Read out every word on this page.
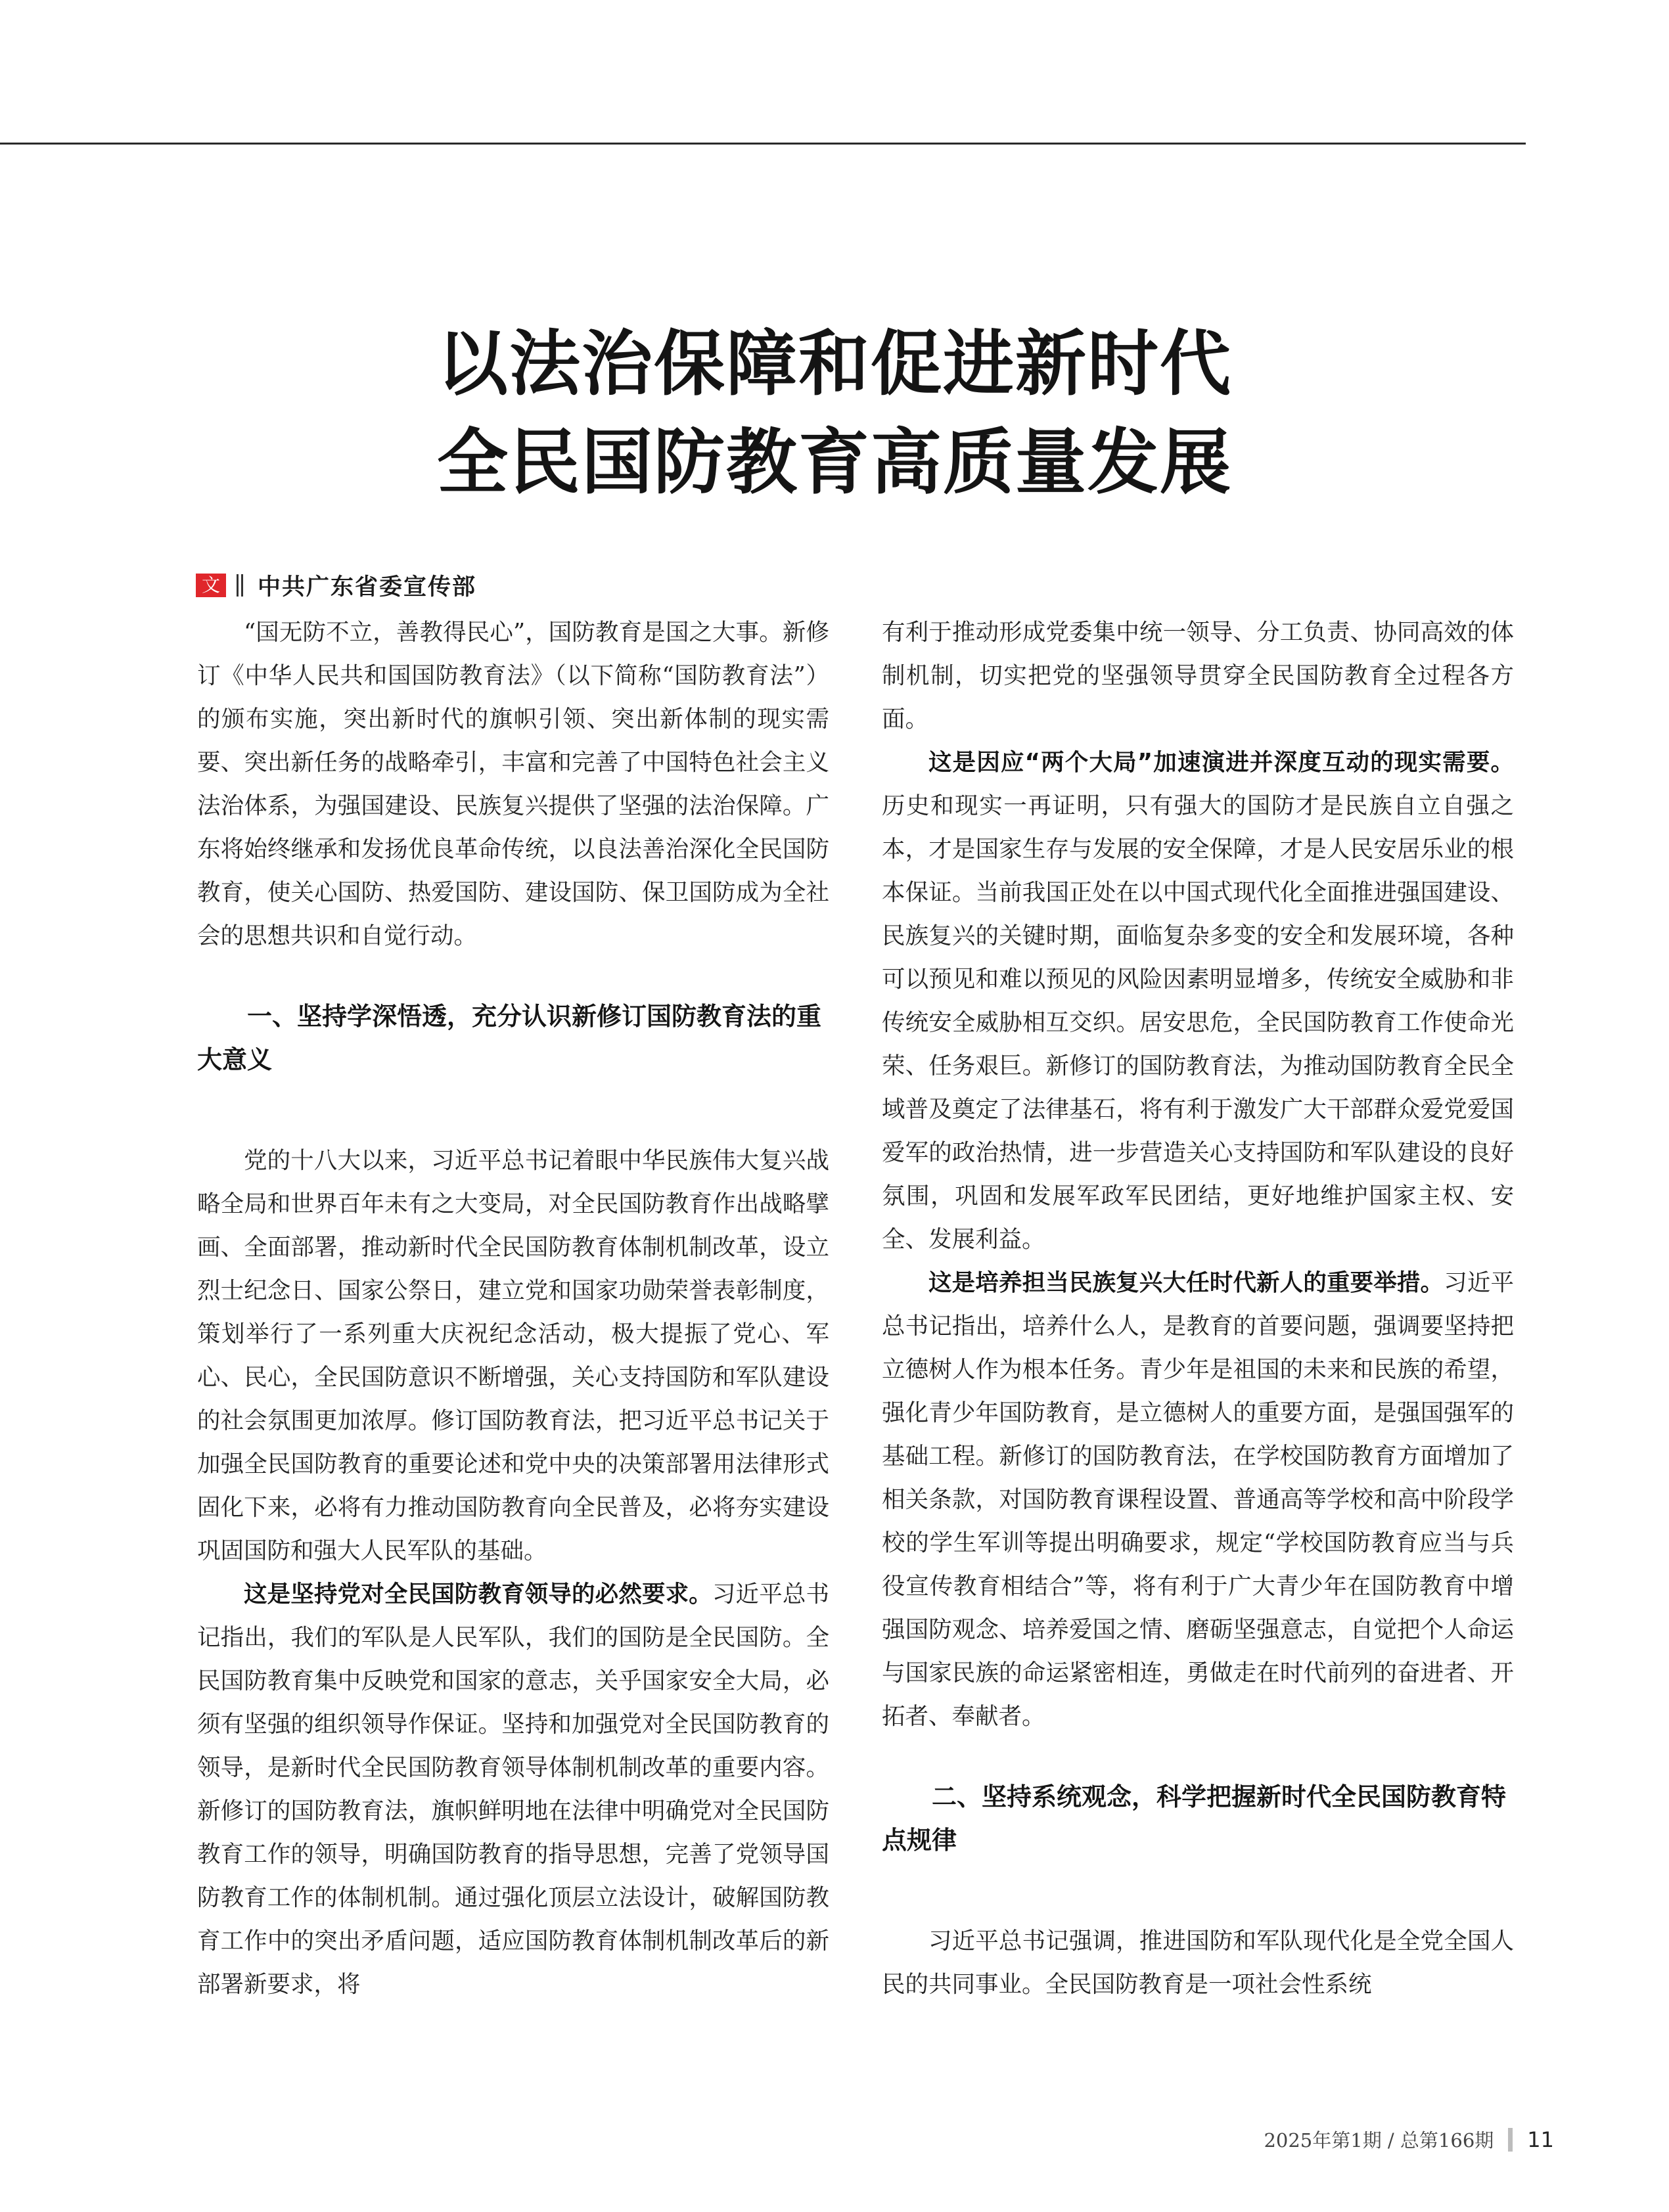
以法治保障和促进新时代
全民国防教育高质量发展
文 中共广东省委宣传部

“国无防不立，善教得民心”，国防教育是国之大事。新修订《中华人民共和国国防教育法》（以下简称“国防教育法”）的颁布实施，突出新时代的旗帜引领、突出新体制的现实需要、突出新任务的战略牵引，丰富和完善了中国特色社会主义法治体系，为强国建设、民族复兴提供了坚强的法治保障。广东将始终继承和发扬优良革命传统，以良法善治深化全民国防教育，使关心国防、热爱国防、建设国防、保卫国防成为全社会的思想共识和自觉行动。

一、坚持学深悟透，充分认识新修订国防教育法的重大意义

党的十八大以来，习近平总书记着眼中华民族伟大复兴战略全局和世界百年未有之大变局，对全民国防教育作出战略擘画、全面部署，推动新时代全民国防教育体制机制改革，设立烈士纪念日、国家公祭日，建立党和国家功勋荣誉表彰制度，策划举行了一系列重大庆祝纪念活动，极大提振了党心、军心、民心，全民国防意识不断增强，关心支持国防和军队建设的社会氛围更加浓厚。修订国防教育法，把习近平总书记关于加强全民国防教育的重要论述和党中央的决策部署用法律形式固化下来，必将有力推动国防教育向全民普及，必将夯实建设巩固国防和强大人民军队的基础。

这是坚持党对全民国防教育领导的必然要求。习近平总书记指出，我们的军队是人民军队，我们的国防是全民国防。全民国防教育集中反映党和国家的意志，关乎国家安全大局，必须有坚强的组织领导作保证。坚持和加强党对全民国防教育的领导，是新时代全民国防教育领导体制机制改革的重要内容。新修订的国防教育法，旗帜鲜明地在法律中明确党对全民国防教育工作的领导，明确国防教育的指导思想，完善了党领导国防教育工作的体制机制。通过强化顶层立法设计，破解国防教育工作中的突出矛盾问题，适应国防教育体制机制改革后的新部署新要求，将

有利于推动形成党委集中统一领导、分工负责、协同高效的体制机制，切实把党的坚强领导贯穿全民国防教育全过程各方面。

这是因应“两个大局”加速演进并深度互动的现实需要。历史和现实一再证明，只有强大的国防才是民族自立自强之本，才是国家生存与发展的安全保障，才是人民安居乐业的根本保证。当前我国正处在以中国式现代化全面推进强国建设、民族复兴的关键时期，面临复杂多变的安全和发展环境，各种可以预见和难以预见的风险因素明显增多，传统安全威胁和非传统安全威胁相互交织。居安思危，全民国防教育工作使命光荣、任务艰巨。新修订的国防教育法，为推动国防教育全民全域普及奠定了法律基石，将有利于激发广大干部群众爱党爱国爱军的政治热情，进一步营造关心支持国防和军队建设的良好氛围，巩固和发展军政军民团结，更好地维护国家主权、安全、发展利益。

这是培养担当民族复兴大任时代新人的重要举措。习近平总书记指出，培养什么人，是教育的首要问题，强调要坚持把立德树人作为根本任务。青少年是祖国的未来和民族的希望，强化青少年国防教育，是立德树人的重要方面，是强国强军的基础工程。新修订的国防教育法，在学校国防教育方面增加了相关条款，对国防教育课程设置、普通高等学校和高中阶段学校的学生军训等提出明确要求，规定“学校国防教育应当与兵役宣传教育相结合”等，将有利于广大青少年在国防教育中增强国防观念、培养爱国之情、磨砺坚强意志，自觉把个人命运与国家民族的命运紧密相连，勇做走在时代前列的奋进者、开拓者、奉献者。

二、坚持系统观念，科学把握新时代全民国防教育特点规律

习近平总书记强调，推进国防和军队现代化是全党全国人民的共同事业。全民国防教育是一项社会性系统

2025年第1期 / 总第166期 11
